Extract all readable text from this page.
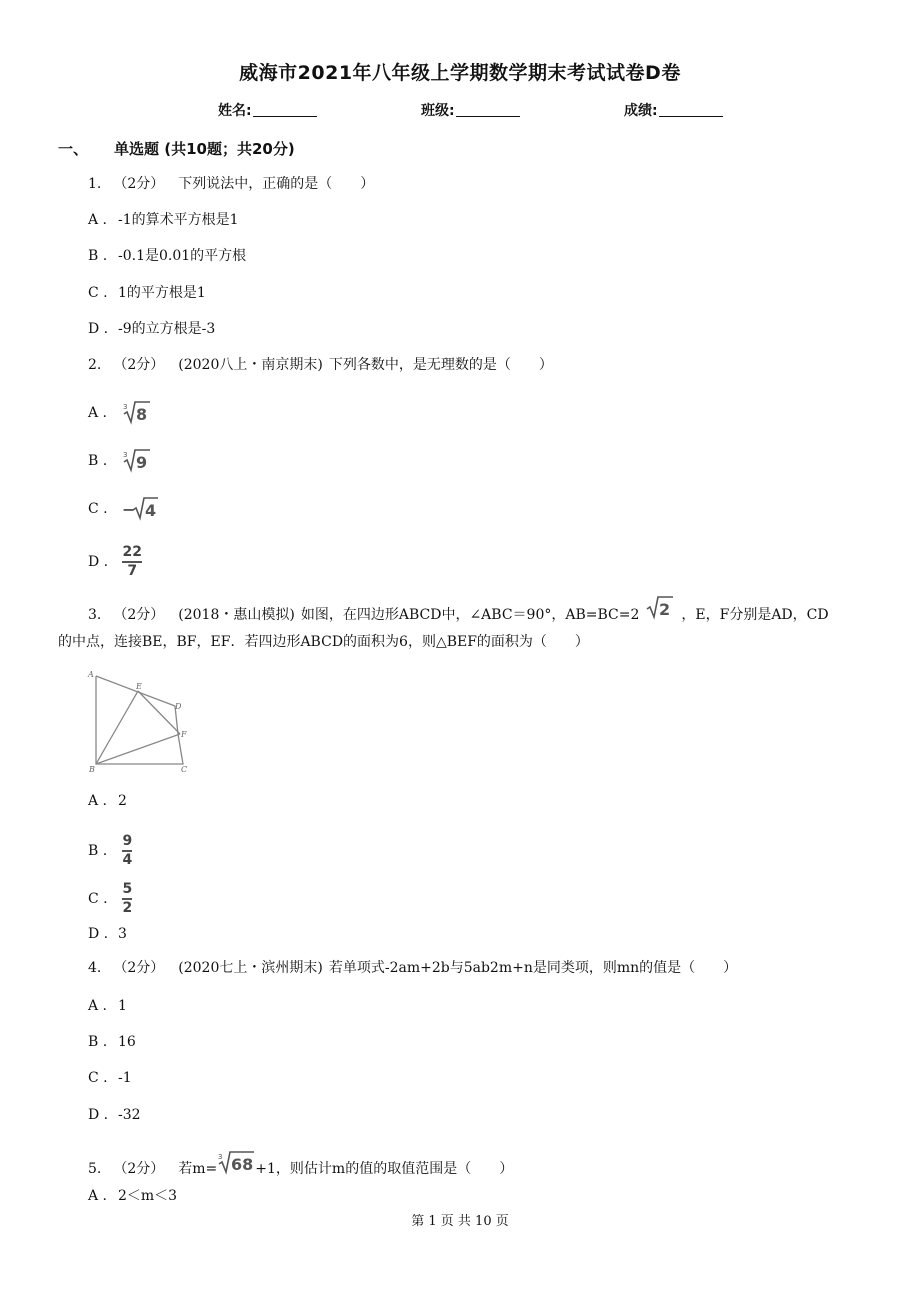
威海市2021年八年级上学期数学期末考试试卷D卷
姓名:	班级:	成绩:
一、 单选题 (共10题；共20分)
1. （2分） 下列说法中，正确的是（　　）
A . -1的算术平方根是1
B . -0.1是0.01的平方根
C . 1的平方根是1
D . -9的立方根是-3
2. （2分） (2020八上・南京期末) 下列各数中，是无理数的是（　　）
A . 3 8
B . 3 9
C . − 4
D . $\frac{22}{7}$
3. （2分） (2018・惠山模拟) 如图，在四边形ABCD中，∠ABC＝90°，AB=BC=2 2 ，E，F分别是AD，CD
的中点，连接BE，BF，EF．若四边形ABCD的面积为6，则△BEF的面积为（　　）
A
E
D
F
B	C
A . 2
B . $\frac{9}{4}$
C . $\frac{5}{2}$
D . 3
4. （2分） (2020七上・滨州期末) 若单项式-2am+2b与5ab2m+n是同类项，则mn的值是（　　）
A . 1
B . 16
C . -1
D . -32
5. （2分） 若m=
3 68 +1，则估计m的值的取值范围是（　　）
A . 2＜m＜3
第 1 页 共 10 页
